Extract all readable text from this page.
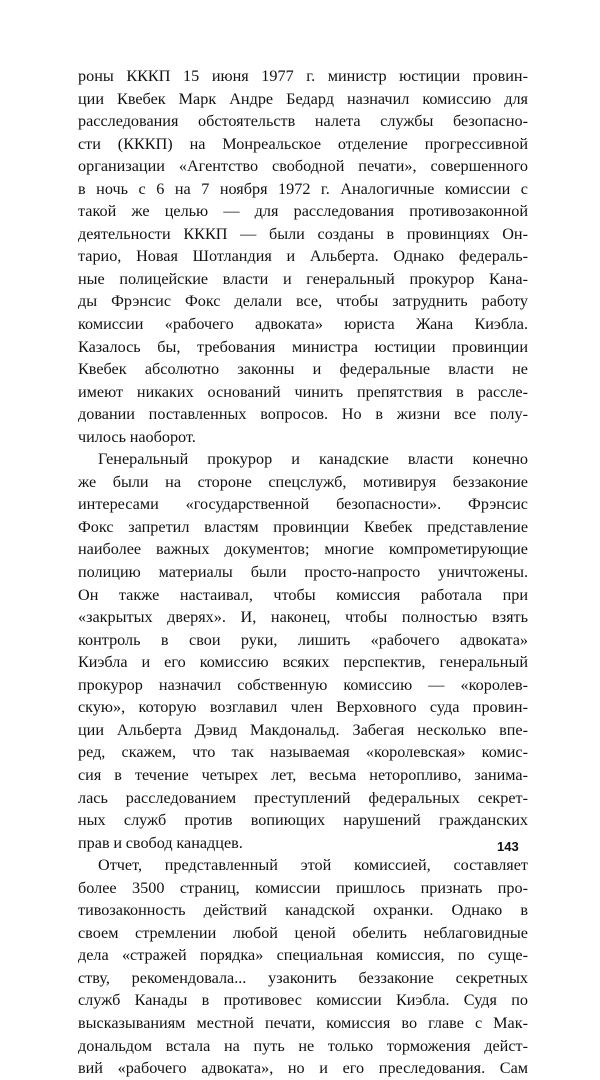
роны КККП 15 июня 1977 г. министр юстиции провин-
ции Квебек Марк Андре Бедард назначил комиссию для
расследования обстоятельств налета службы безопасно-
сти (КККП) на Монреальское отделение прогрессивной
организации «Агентство свободной печати», совершенного
в ночь с 6 на 7 ноября 1972 г. Аналогичные комиссии с
такой же целью — для расследования противозаконной
деятельности КККП — были созданы в провинциях Он-
тарио, Новая Шотландия и Альберта. Однако федераль-
ные полицейские власти и генеральный прокурор Кана-
ды Фрэнсис Фокс делали все, чтобы затруднить работу
комиссии «рабочего адвоката» юриста Жана Киэбла.
Казалось бы, требования министра юстиции провинции
Квебек абсолютно законны и федеральные власти не
имеют никаких оснований чинить препятствия в рассле-
довании поставленных вопросов. Но в жизни все полу-
чилось наоборот.
Генеральный прокурор и канадские власти конечно
же были на стороне спецслужб, мотивируя беззаконие
интересами «государственной безопасности». Фрэнсис
Фокс запретил властям провинции Квебек представление
наиболее важных документов; многие компрометирующие
полицию материалы были просто-напросто уничтожены.
Он также настаивал, чтобы комиссия работала при
«закрытых дверях». И, наконец, чтобы полностью взять
контроль в свои руки, лишить «рабочего адвоката»
Киэбла и его комиссию всяких перспектив, генеральный
прокурор назначил собственную комиссию — «королев-
скую», которую возглавил член Верховного суда провин-
ции Альберта Дэвид Макдональд. Забегая несколько впе-
ред, скажем, что так называемая «королевская» комис-
сия в течение четырех лет, весьма неторопливо, занима-
лась расследованием преступлений федеральных секрет-
ных служб против вопиющих нарушений гражданских
прав и свобод канадцев.
Отчет, представленный этой комиссией, составляет
более 3500 страниц, комиссии пришлось признать про-
тивозаконность действий канадской охранки. Однако в
своем стремлении любой ценой обелить неблаговидные
дела «стражей порядка» специальная комиссия, по суще-
ству, рекомендовала... узаконить беззаконие секретных
служб Канады в противовес комиссии Киэбла. Судя по
высказываниям местной печати, комиссия во главе с Мак-
дональдом встала на путь не только торможения дейст-
вий «рабочего адвоката», но и его преследования. Сам
143
